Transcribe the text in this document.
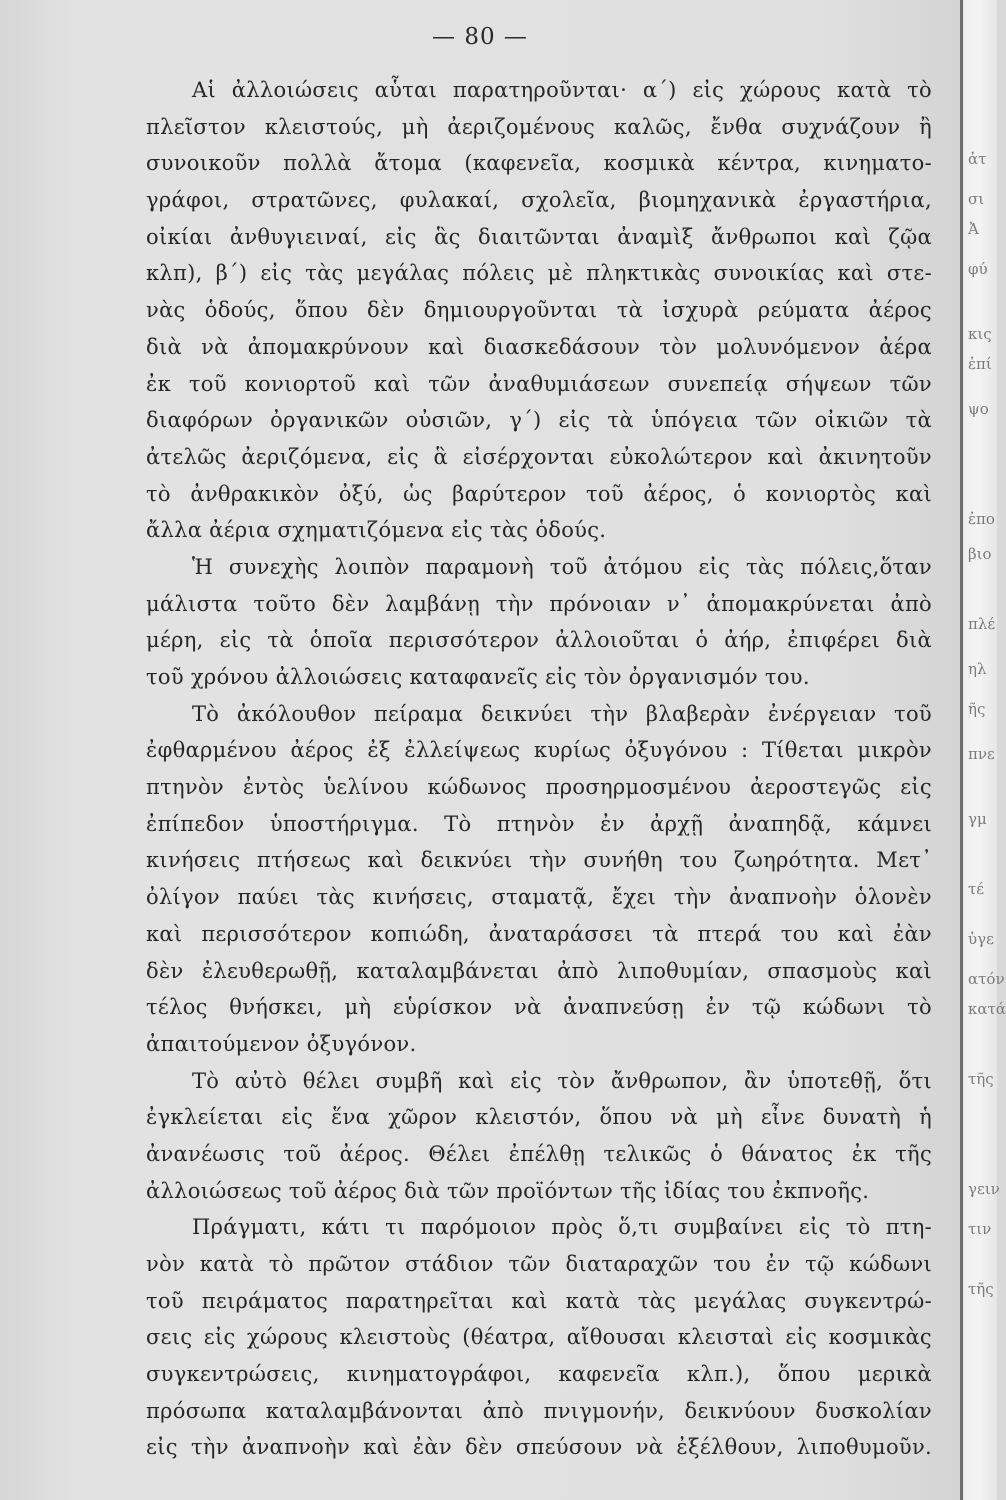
— 80 —
Αἱ ἀλλοιώσεις αὗται παρατηροῦνται· α΄) εἰς χώρους κατὰ τὸ
πλεῖστον κλειστούς, μὴ ἀεριζομένους καλῶς, ἔνθα συχνάζουν ἢ
συνοικοῦν πολλὰ ἄτομα (καφενεῖα, κοσμικὰ κέντρα, κινηματο-
γράφοι, στρατῶνες, φυλακαί, σχολεῖα, βιομηχανικὰ ἐργαστήρια,
οἰκίαι ἀνθυγιειναί, εἰς ἃς διαιτῶνται ἀναμὶξ ἄνθρωποι καὶ ζῷα
κλπ), β΄) εἰς τὰς μεγάλας πόλεις μὲ πληκτικὰς συνοικίας καὶ στε-
νὰς ὁδούς, ὅπου δὲν δημιουργοῦνται τὰ ἰσχυρὰ ρεύματα ἀέρος
διὰ νὰ ἀπομακρύνουν καὶ διασκεδάσουν τὸν μολυνόμενον ἀέρα
ἐκ τοῦ κονιορτοῦ καὶ τῶν ἀναθυμιάσεων συνεπείᾳ σήψεων τῶν
διαφόρων ὀργανικῶν οὐσιῶν, γ΄) εἰς τὰ ὑπόγεια τῶν οἰκιῶν τὰ
ἀτελῶς ἀεριζόμενα, εἰς ἃ εἰσέρχονται εὐκολώτερον καὶ ἀκινητοῦν
τὸ ἀνθρακικὸν ὀξύ, ὡς βαρύτερον τοῦ ἀέρος, ὁ κονιορτὸς καὶ
ἄλλα ἀέρια σχηματιζόμενα εἰς τὰς ὁδούς.
Ἡ συνεχὴς λοιπὸν παραμονὴ τοῦ ἀτόμου εἰς τὰς πόλεις,ὅταν
μάλιστα τοῦτο δὲν λαμβάνῃ τὴν πρόνοιαν ν᾽ ἀπομακρύνεται ἀπὸ
μέρη, εἰς τὰ ὁποῖα περισσότερον ἀλλοιοῦται ὁ ἀήρ, ἐπιφέρει διὰ
τοῦ χρόνου ἀλλοιώσεις καταφανεῖς εἰς τὸν ὀργανισμόν του.
Τὸ ἀκόλουθον πείραμα δεικνύει τὴν βλαβερὰν ἐνέργειαν τοῦ
ἐφθαρμένου ἀέρος ἐξ ἐλλείψεως κυρίως ὀξυγόνου : Τίθεται μικρὸν
πτηνὸν ἐντὸς ὑελίνου κώδωνος προσηρμοσμένου ἀεροστεγῶς εἰς
ἐπίπεδον ὑποστήριγμα. Τὸ πτηνὸν ἐν ἀρχῇ ἀναπηδᾷ, κάμνει
κινήσεις πτήσεως καὶ δεικνύει τὴν συνήθη του ζωηρότητα. Μετ᾽
ὀλίγον παύει τὰς κινήσεις, σταματᾷ, ἔχει τὴν ἀναπνοὴν ὁλονὲν
καὶ περισσότερον κοπιώδη, ἀναταράσσει τὰ πτερά του καὶ ἐὰν
δὲν ἐλευθερωθῇ, καταλαμβάνεται ἀπὸ λιποθυμίαν, σπασμοὺς καὶ
τέλος θνήσκει, μὴ εὑρίσκον νὰ ἀναπνεύσῃ ἐν τῷ κώδωνι τὸ
ἀπαιτούμενον ὀξυγόνον.
Τὸ αὐτὸ θέλει συμβῆ καὶ εἰς τὸν ἄνθρωπον, ἂν ὑποτεθῇ, ὅτι
ἐγκλείεται εἰς ἕνα χῶρον κλειστόν, ὅπου νὰ μὴ εἶνε δυνατὴ ἡ
ἀνανέωσις τοῦ ἀέρος. Θέλει ἐπέλθῃ τελικῶς ὁ θάνατος ἐκ τῆς
ἀλλοιώσεως τοῦ ἀέρος διὰ τῶν προϊόντων τῆς ἰδίας του ἐκπνοῆς.
Πράγματι, κάτι τι παρόμοιον πρὸς ὅ,τι συμβαίνει εἰς τὸ πτη-
νὸν κατὰ τὸ πρῶτον στάδιον τῶν διαταραχῶν του ἐν τῷ κώδωνι
τοῦ πειράματος παρατηρεῖται καὶ κατὰ τὰς μεγάλας συγκεντρώ-
σεις εἰς χώρους κλειστοὺς (θέατρα, αἴθουσαι κλεισταὶ εἰς κοσμικὰς
συγκεντρώσεις, κινηματογράφοι, καφενεῖα κλπ.), ὅπου μερικὰ
πρόσωπα καταλαμβάνονται ἀπὸ πνιγμονήν, δεικνύουν δυσκολίαν
εἰς τὴν ἀναπνοὴν καὶ ἐὰν δὲν σπεύσουν νὰ ἐξέλθουν, λιποθυμοῦν.
ἀτ
σι
Ἀ
φύ
κις
ἐπί
ψο
ἐπο
βιο
πλέ
ηλ
ῆς
πνε
γμ
τέ
ὑγε
ατόν
κατά
τῆς
γειν
τιν
τῆς
